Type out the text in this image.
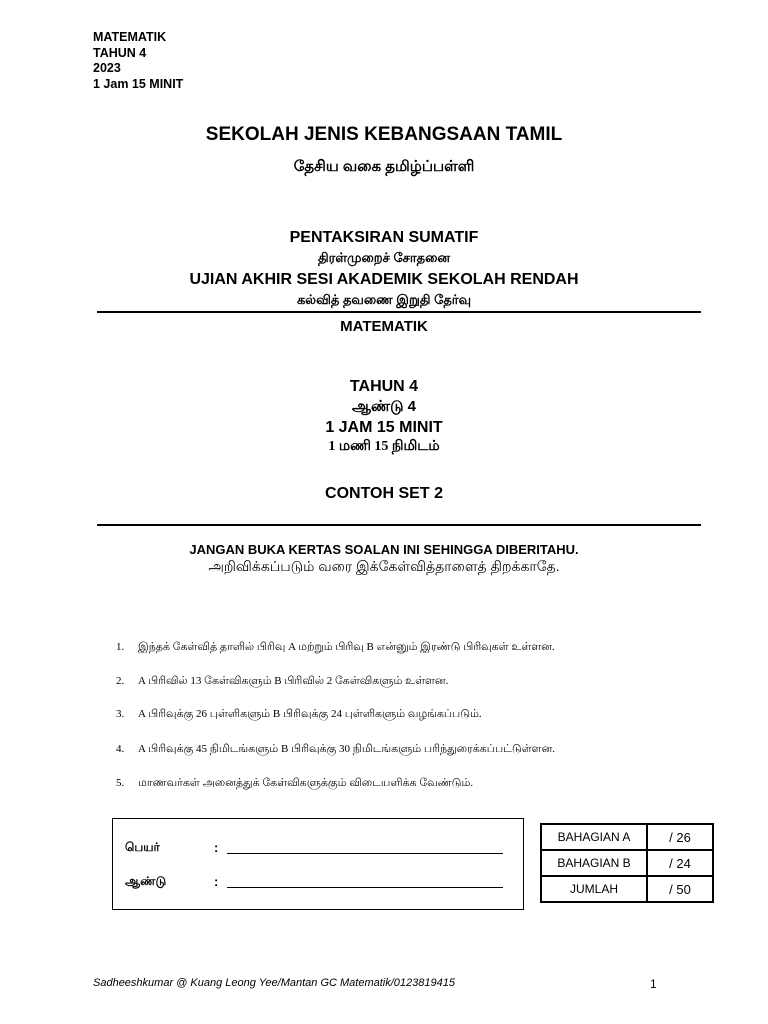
MATEMATIK
TAHUN 4
2023
1 Jam 15 MINIT
SEKOLAH JENIS KEBANGSAAN TAMIL
தேசிய வகை தமிழ்ப்பள்ளி
PENTAKSIRAN SUMATIF
திரள்முறைச் சோதனை
UJIAN AKHIR SESI AKADEMIK SEKOLAH RENDAH
கல்வித் தவணை இறுதி தேர்வு
MATEMATIK
TAHUN 4
ஆண்டு 4
1 JAM 15 MINIT
1 மணி 15 நிமிடம்
CONTOH SET 2
JANGAN BUKA KERTAS SOALAN INI SEHINGGA DIBERITAHU.
அறிவிக்கப்படும் வரை இக்கேள்வித்தாளைத் திறக்காதே.
1. இந்தக் கேள்வித் தாளில் பிரிவு A மற்றும் பிரிவு B என்னும் இரண்டு பிரிவுகள் உள்ளன.
2. A பிரிவில் 13 கேள்விகளும் B பிரிவில் 2 கேள்விகளும் உள்ளன.
3. A பிரிவுக்கு 26 புள்ளிகளும் B பிரிவுக்கு 24 புள்ளிகளும் வழங்கப்படும்.
4. A பிரிவுக்கு 45 நிமிடங்களும் B பிரிவுக்கு 30 நிமிடங்களும் பரிந்துரைக்கப்பட்டுள்ளன.
5. மாணவர்கள் அனைத்துக் கேள்விகளுக்கும் விடையளிக்க வேண்டும்.
பெயர்	:
ஆண்டு	:
BAHAGIAN A	/ 26
BAHAGIAN B	/ 24
JUMLAH	/ 50
Sadheeshkumar @ Kuang Leong Yee/Mantan GC Matematik/0123819415	1
